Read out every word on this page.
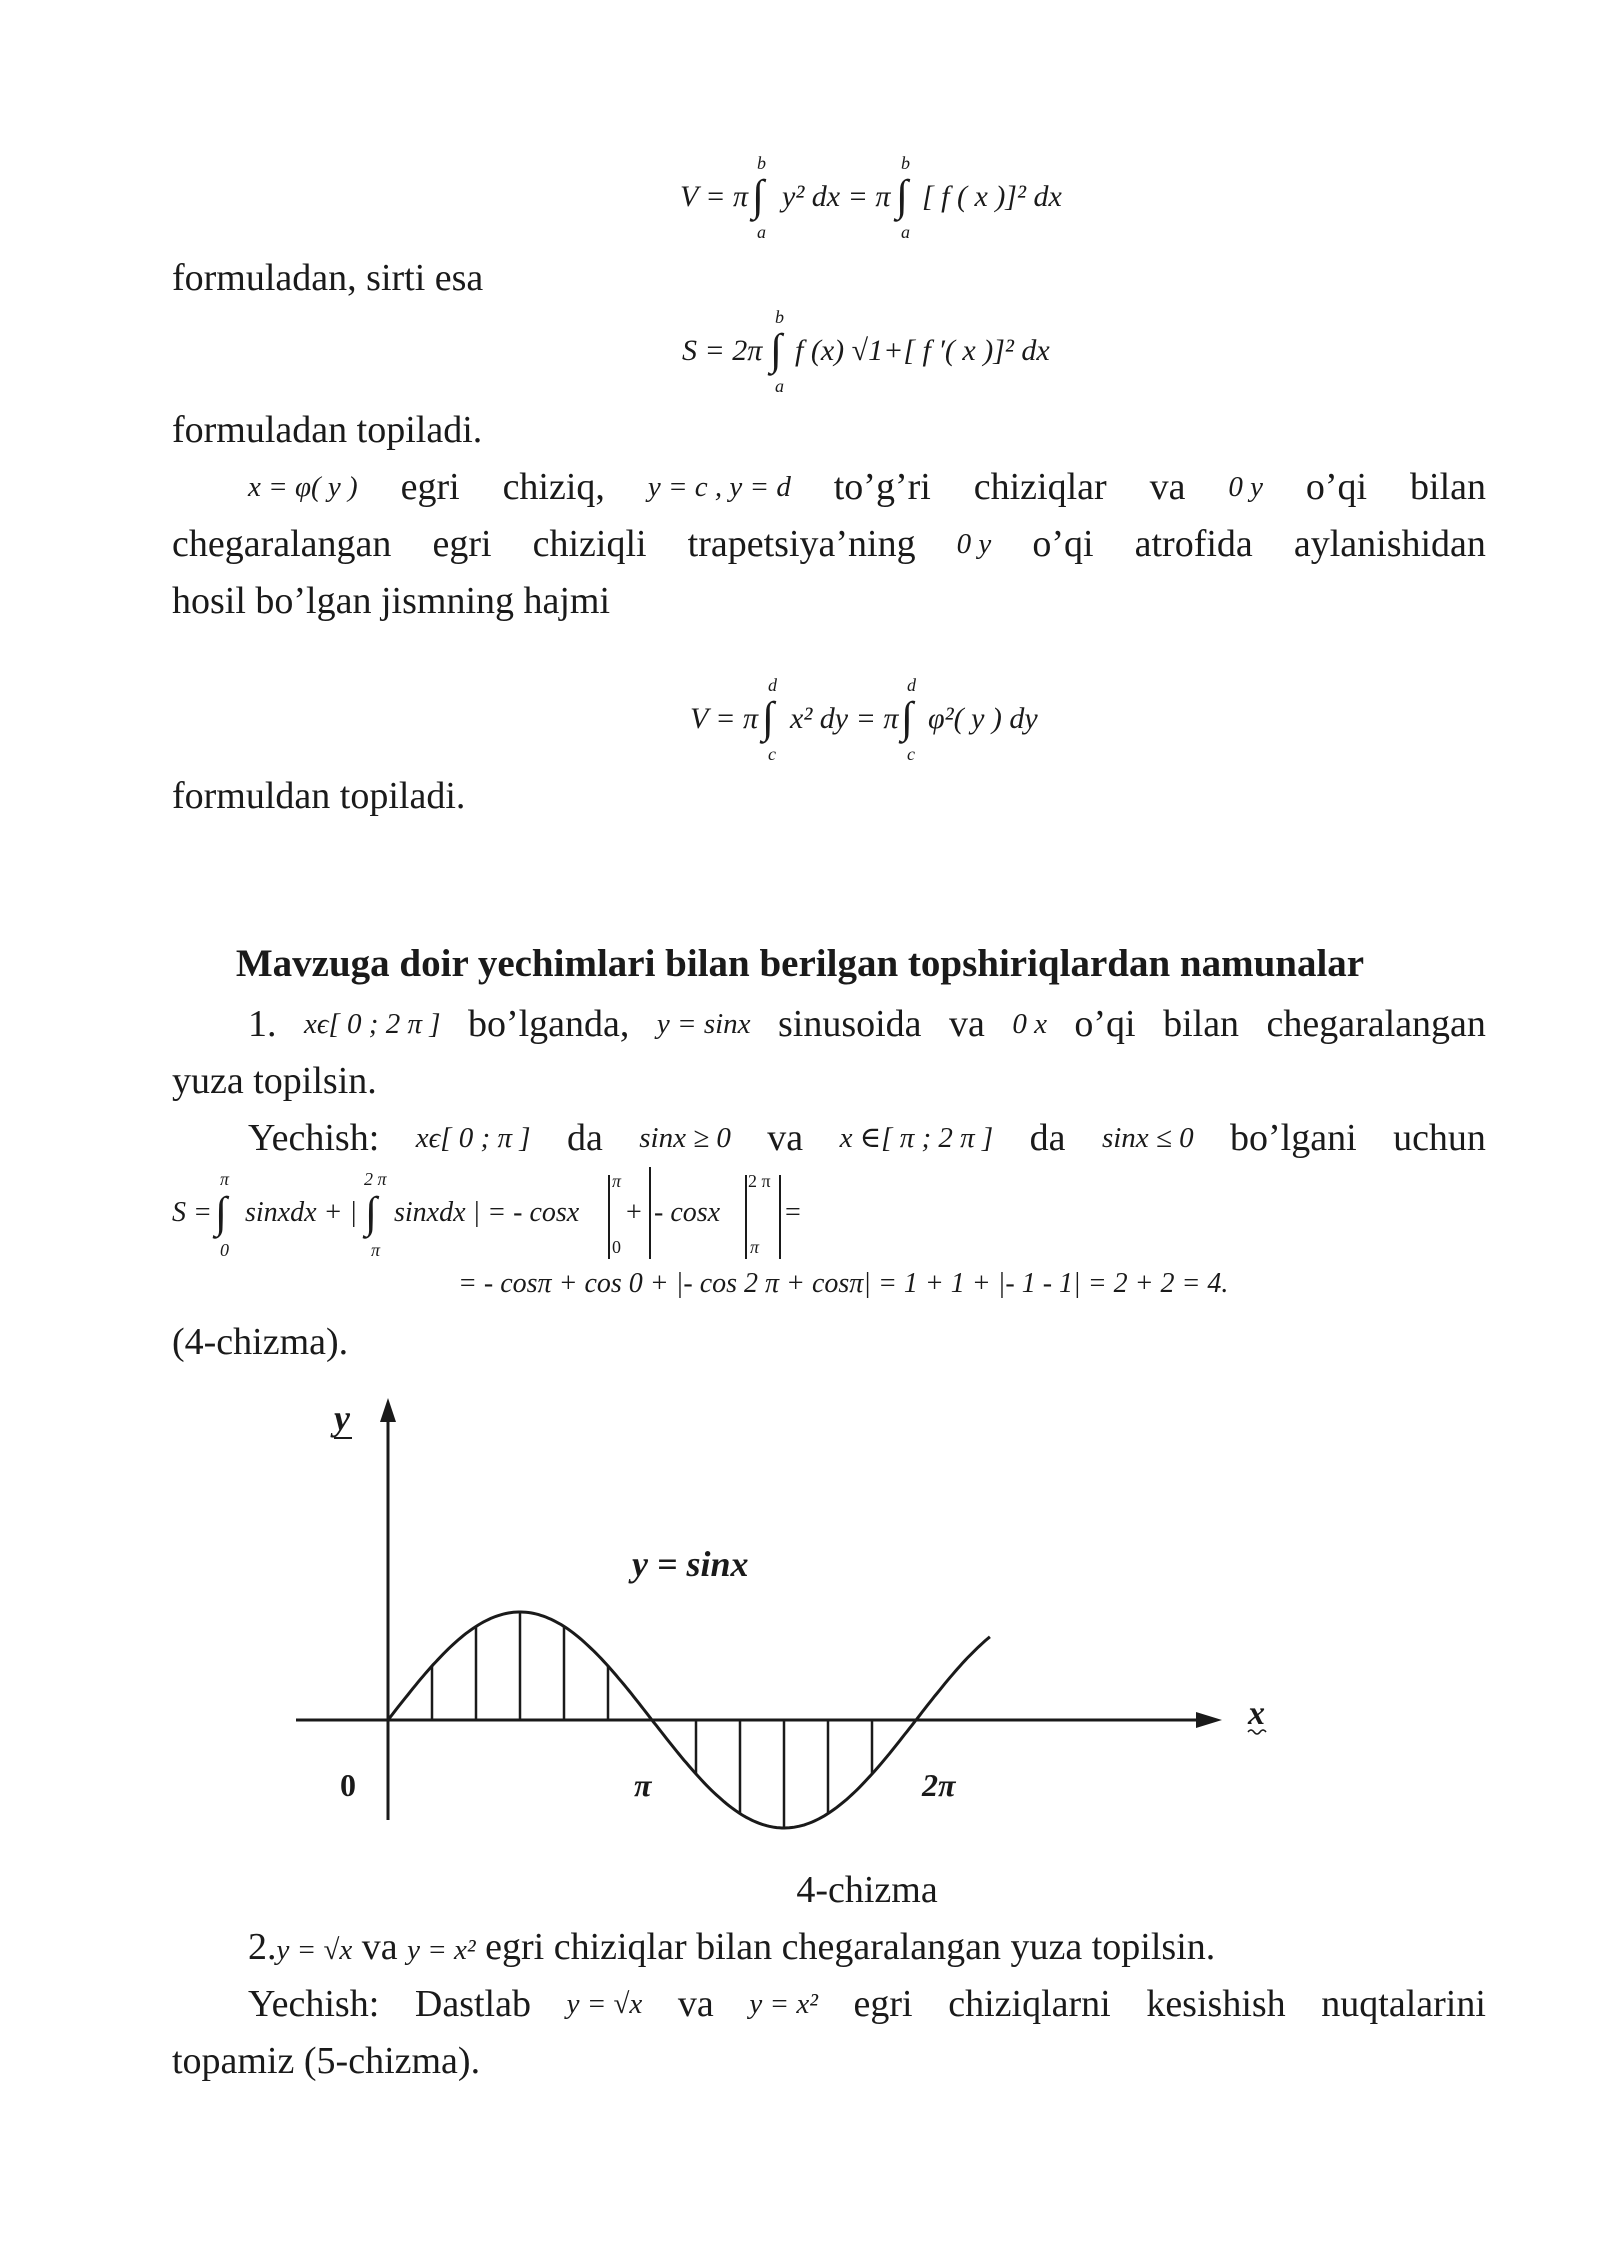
V = π
b
∫
a
y² dx = π
b
∫
a
[ f ( x )]² dx
formuladan, sirti esa
S = 2π
b
∫
a
f (x) √1+[ f ′( x )]² dx
formuladan topiladi.
x = φ( y ) egri chiziq, y = c , y = d to’g’ri chiziqlar va 0 y o’qi bilan
chegaralangan egri chiziqli trapetsiya’ning 0 y o’qi atrofida aylanishidan
hosil bo’lgan jismning hajmi
V = π
d
∫
c
x² dy = π
d
∫
c
φ²( y ) dy
formuldan topiladi.
Mavzuga doir yechimlari bilan berilgan topshiriqlardan namunalar
1. xϵ[ 0 ; 2 π ] bo’lganda, y = sinx sinusoida va 0 x o’qi bilan chegaralangan
yuza topilsin.
Yechish: xϵ[ 0 ; π ] da sinx ≥ 0 va x ∈[ π ; 2 π ] da sinx ≤ 0 bo’lgani uchun
S =
π
∫
0
sinxdx + |
2 π
∫
π
sinxdx | = - cosx
π
0
+ - cosx
2 π
π
=
= - cosπ + cos 0 + |- cos 2 π + cosπ| = 1 + 1 + |- 1 - 1| = 2 + 2 = 4.
(4-chizma).
y
x
y = sinx
0	π	2π
4-chizma
2.y = √x va y = x² egri chiziqlar bilan chegaralangan yuza topilsin.
Yechish: Dastlab y = √x va y = x² egri chiziqlarni kesishish nuqtalarini
topamiz (5-chizma).
